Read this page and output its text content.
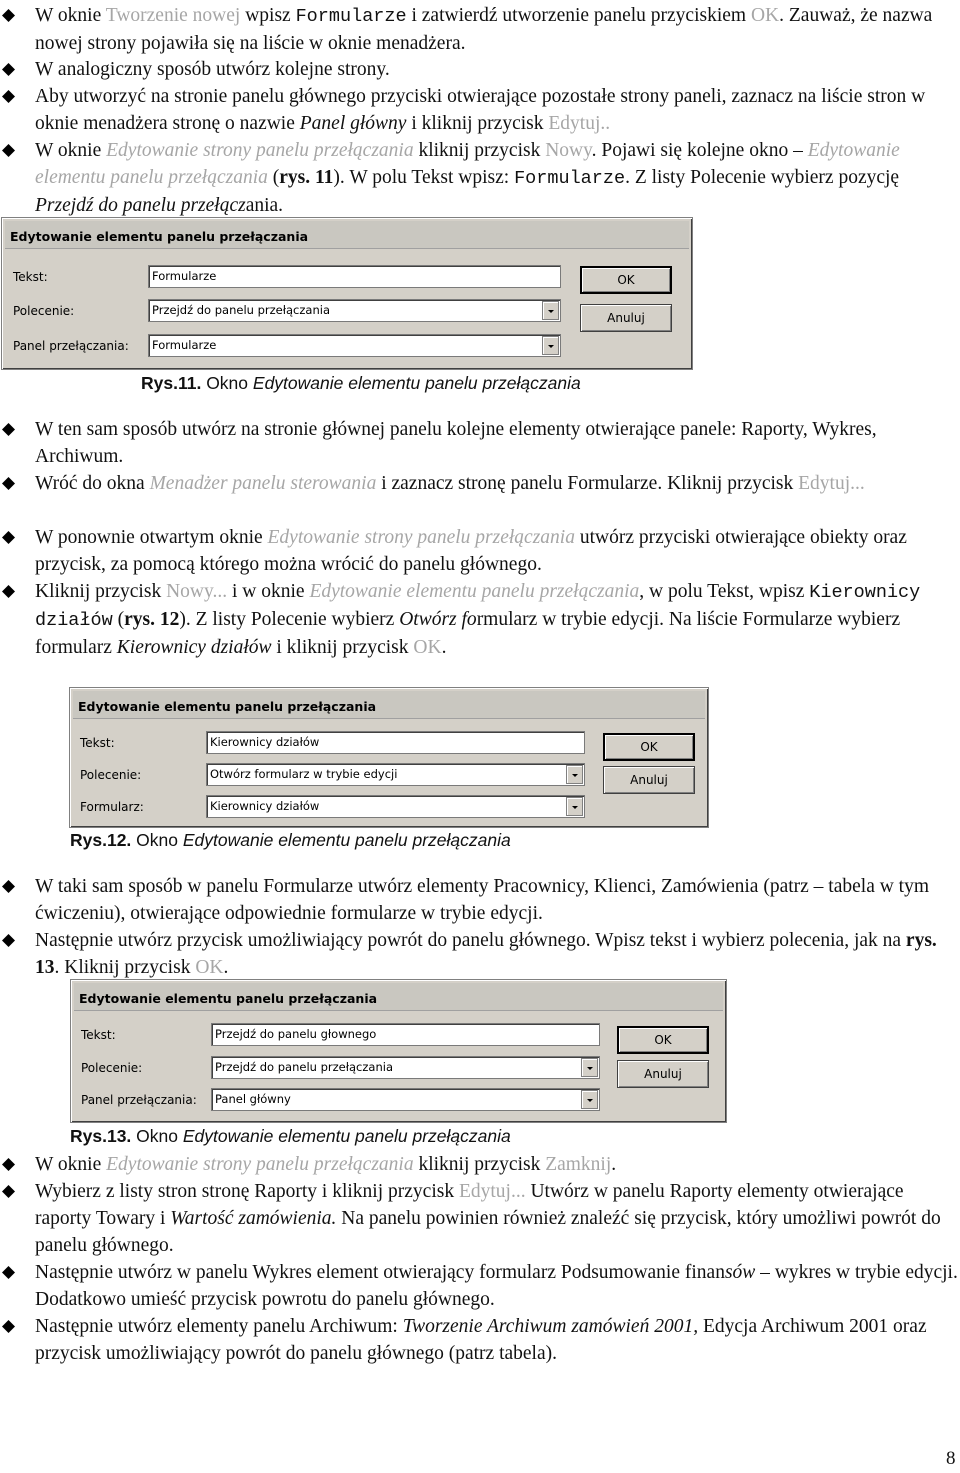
W oknie Tworzenie nowej wpisz Formularze i zatwierdź utworzenie panelu przyciskiem OK. Zauważ, że nazwa nowej strony pojawiła się na liście w oknie menadżera.

W analogiczny sposób utwórz kolejne strony.

Aby utworzyć na stronie panelu głównego przyciski otwierające pozostałe strony paneli, zaznacz na liście stron w oknie menadżera stronę o nazwie Panel główny i kliknij przycisk Edytuj..

W oknie Edytowanie strony panelu przełączania kliknij przycisk Nowy. Pojawi się kolejne okno – Edytowanie elementu panelu przełączania (rys. 11). W polu Tekst wpisz: Formularze. Z listy Polecenie wybierz pozycję Przejdź do panelu przełączania.

W ten sam sposób utwórz na stronie głównej panelu kolejne elementy otwierające panele: Raporty, Wykres, Archiwum.

Wróć do okna Menadżer panelu sterowania i zaznacz stronę panelu Formularze. Kliknij przycisk Edytuj...

W ponownie otwartym oknie Edytowanie strony panelu przełączania utwórz przyciski otwierające obiekty oraz przycisk, za pomocą którego można wrócić do panelu głównego.

Kliknij przycisk Nowy... i w oknie Edytowanie elementu panelu przełączania, w polu Tekst, wpisz Kierownicy działów (rys. 12). Z listy Polecenie wybierz Otwórz formularz w trybie edycji. Na liście Formularze wybierz formularz Kierownicy działów i kliknij przycisk OK.

W taki sam sposób w panelu Formularze utwórz elementy Pracownicy, Klienci, Zamówienia (patrz – tabela w tym ćwiczeniu), otwierające odpowiednie formularze w trybie edycji.

Następnie utwórz przycisk umożliwiający powrót do panelu głównego. Wpisz tekst i wybierz polecenia, jak na rys. 13. Kliknij przycisk OK.

W oknie Edytowanie strony panelu przełączania kliknij przycisk Zamknij.

Wybierz z listy stron stronę Raporty i kliknij przycisk Edytuj... Utwórz w panelu Raporty elementy otwierające raporty Towary i Wartość zamówienia. Na panelu powinien również znaleźć się przycisk, który umożliwi powrót do panelu głównego.

Następnie utwórz w panelu Wykres element otwierający formularz Podsumowanie finansów – wykres w trybie edycji. Dodatkowo umieść przycisk powrotu do panelu głównego.

Następnie utwórz elementy panelu Archiwum: Tworzenie Archiwum zamówień 2001, Edycja Archiwum 2001 oraz przycisk umożliwiający powrót do panelu głównego (patrz tabela).

Edytowanie elementu panelu przełączania
Tekst:	Formularze
Polecenie:	Przejdź do panelu przełączania
Panel przełączania:	Formularze
OK
Anuluj
Edytowanie elementu panelu przełączania
Tekst:	Kierownicy działów
Polecenie:	Otwórz formularz w trybie edycji
Formularz:	Kierownicy działów
OK
Anuluj
Edytowanie elementu panelu przełączania
Tekst:	Przejdź do panelu głownego
Polecenie:	Przejdź do panelu przełączania
Panel przełączania:	Panel główny
OK
Anuluj
Rys.11. Okno Edytowanie elementu panelu przełączania
Rys.12. Okno Edytowanie elementu panelu przełączania
Rys.13. Okno Edytowanie elementu panelu przełączania
8
